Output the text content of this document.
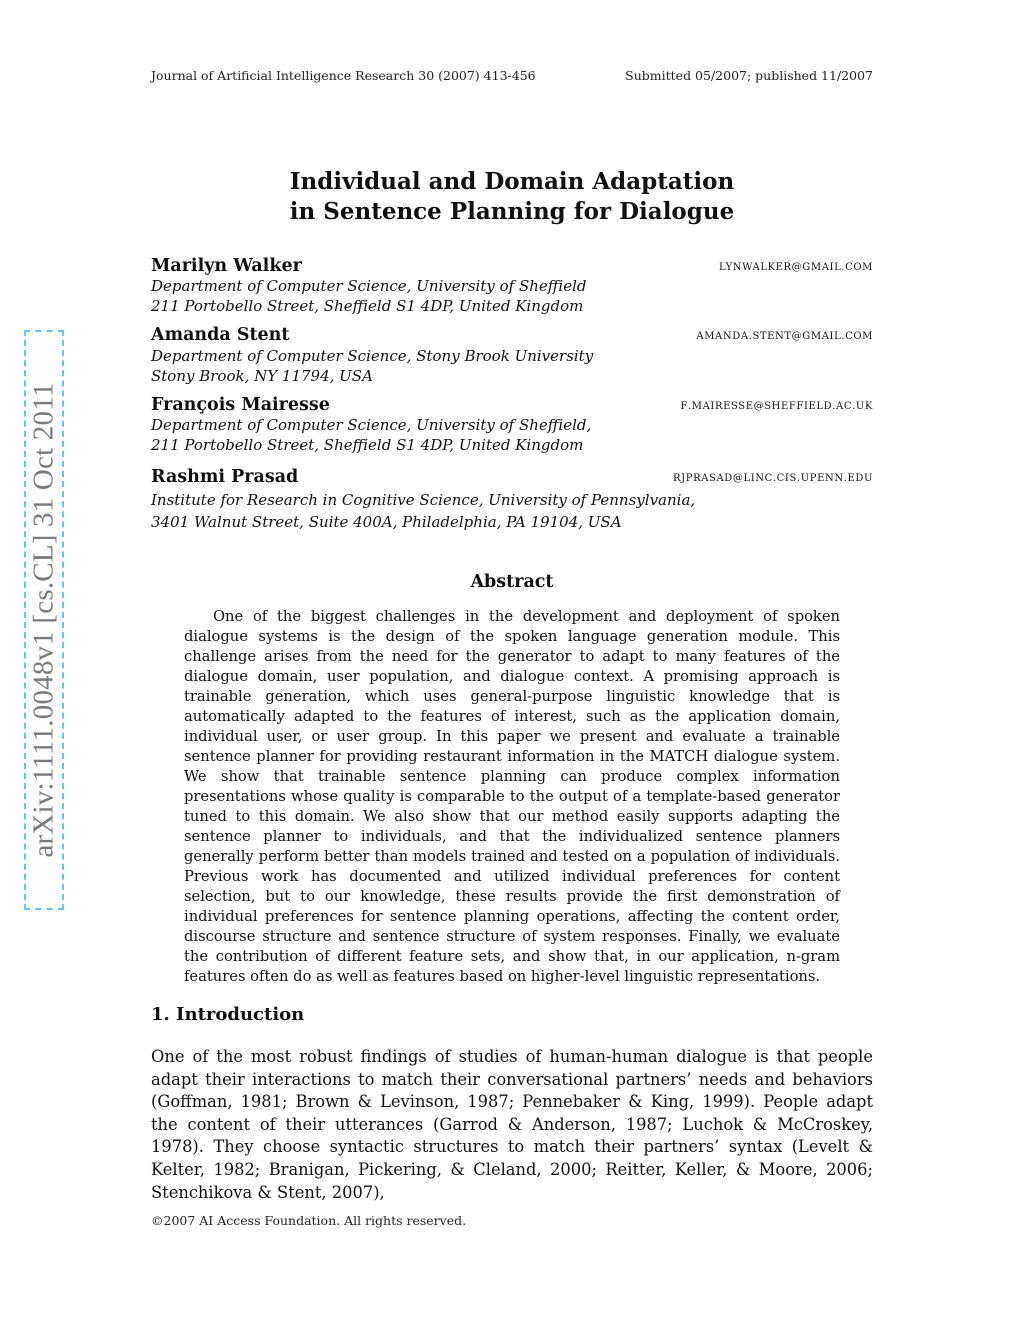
Journal of Artificial Intelligence Research 30 (2007) 413-456	Submitted 05/2007; published 11/2007
Individual and Domain Adaptation
in Sentence Planning for Dialogue
Marilyn Walker	lynwalker@gmail.com
Department of Computer Science, University of Sheffield
211 Portobello Street, Sheffield S1 4DP, United Kingdom
Amanda Stent	amanda.stent@gmail.com
Department of Computer Science, Stony Brook University
Stony Brook, NY 11794, USA
François Mairesse	f.mairesse@sheffield.ac.uk
Department of Computer Science, University of Sheffield,
211 Portobello Street, Sheffield S1 4DP, United Kingdom
Rashmi Prasad	rjprasad@linc.cis.upenn.edu
Institute for Research in Cognitive Science, University of Pennsylvania,
3401 Walnut Street, Suite 400A, Philadelphia, PA 19104, USA
Abstract

One of the biggest challenges in the development and deployment of spoken dialogue systems is the design of the spoken language generation module. This challenge arises from the need for the generator to adapt to many features of the dialogue domain, user population, and dialogue context. A promising approach is trainable generation, which uses general-purpose linguistic knowledge that is automatically adapted to the features of interest, such as the application domain, individual user, or user group. In this paper we present and evaluate a trainable sentence planner for providing restaurant information in the MATCH dialogue system. We show that trainable sentence planning can produce complex information presentations whose quality is comparable to the output of a template-based generator tuned to this domain. We also show that our method easily supports adapting the sentence planner to individuals, and that the individualized sentence planners generally perform better than models trained and tested on a population of individuals. Previous work has documented and utilized individual preferences for content selection, but to our knowledge, these results provide the first demonstration of individual preferences for sentence planning operations, affecting the content order, discourse structure and sentence structure of system responses. Finally, we evaluate the contribution of different feature sets, and show that, in our application, n-gram features often do as well as features based on higher-level linguistic representations.

1. Introduction

One of the most robust findings of studies of human-human dialogue is that people adapt their interactions to match their conversational partners’ needs and behaviors (Goffman, 1981; Brown & Levinson, 1987; Pennebaker & King, 1999). People adapt the content of their utterances (Garrod & Anderson, 1987; Luchok & McCroskey, 1978). They choose syntactic structures to match their partners’ syntax (Levelt & Kelter, 1982; Branigan, Pickering, & Cleland, 2000; Reitter, Keller, & Moore, 2006; Stenchikova & Stent, 2007),

©2007 AI Access Foundation. All rights reserved.
arXiv:1111.0048v1 [cs.CL] 31 Oct 2011
